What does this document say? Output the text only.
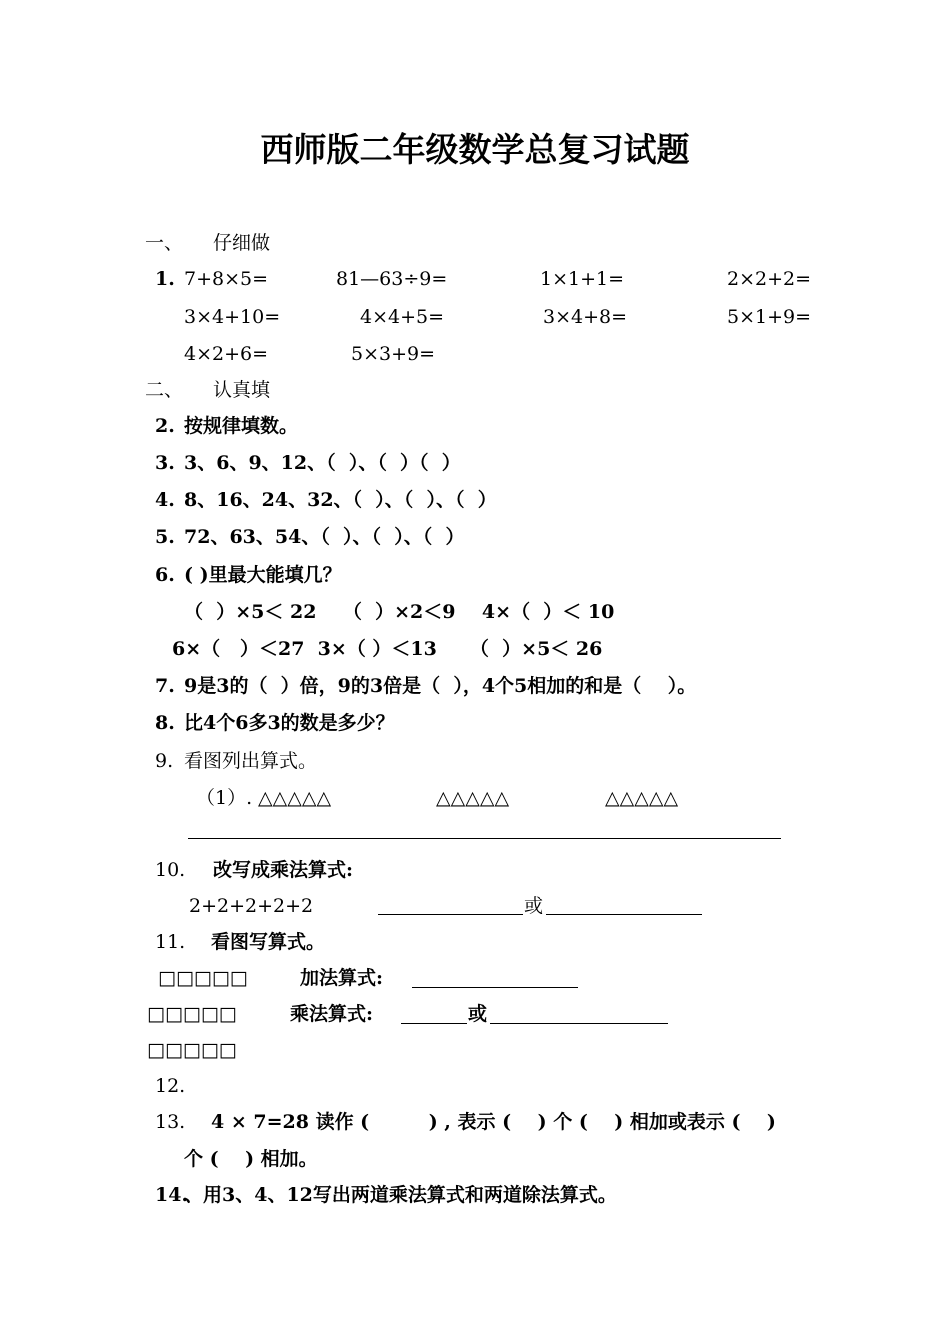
西师版二年级数学总复习试题
一、 仔细做
1. 7+8×5=	81—63÷9=	1×1+1=	2×2+2=
3×4+10=	4×4+5=	3×4+8=	5×1+9=
4×2+6=	5×3+9=
二、 认真填
2. 按规律填数。
3. 3、6、9、12、（  ）、（  ）（  ）
4. 8、16、24、32、（  ）、（  ）、（  ）
5. 72、63、54、（  ）、（  ）、（  ）
6. ( )里最大能填几？
（  ）×5＜ 22    （  ）×2＜9    4×（  ）＜ 10
6×（   ）＜27  3×（ ）＜13     （  ）×5＜ 26
7. 9是3的（  ）倍，9的3倍是（  ），4个5相加的和是（    ）。
8. 比4个6多3的数是多少？
9. 看图列出算式。
（1）. △△△△△	△△△△△	△△△△△
10. 改写成乘法算式:
2+2+2+2+2	或
11. 看图写算式。
□□□□□	加法算式:
□□□□□	乘法算式:	或
□□□□□
12.
13. 4 × 7=28 读作 (         ) , 表示 (    ) 个 (    ) 相加或表示 (    )
个 (    ) 相加。
14.
、用3、4、12写出两道乘法算式和两道除法算式。
